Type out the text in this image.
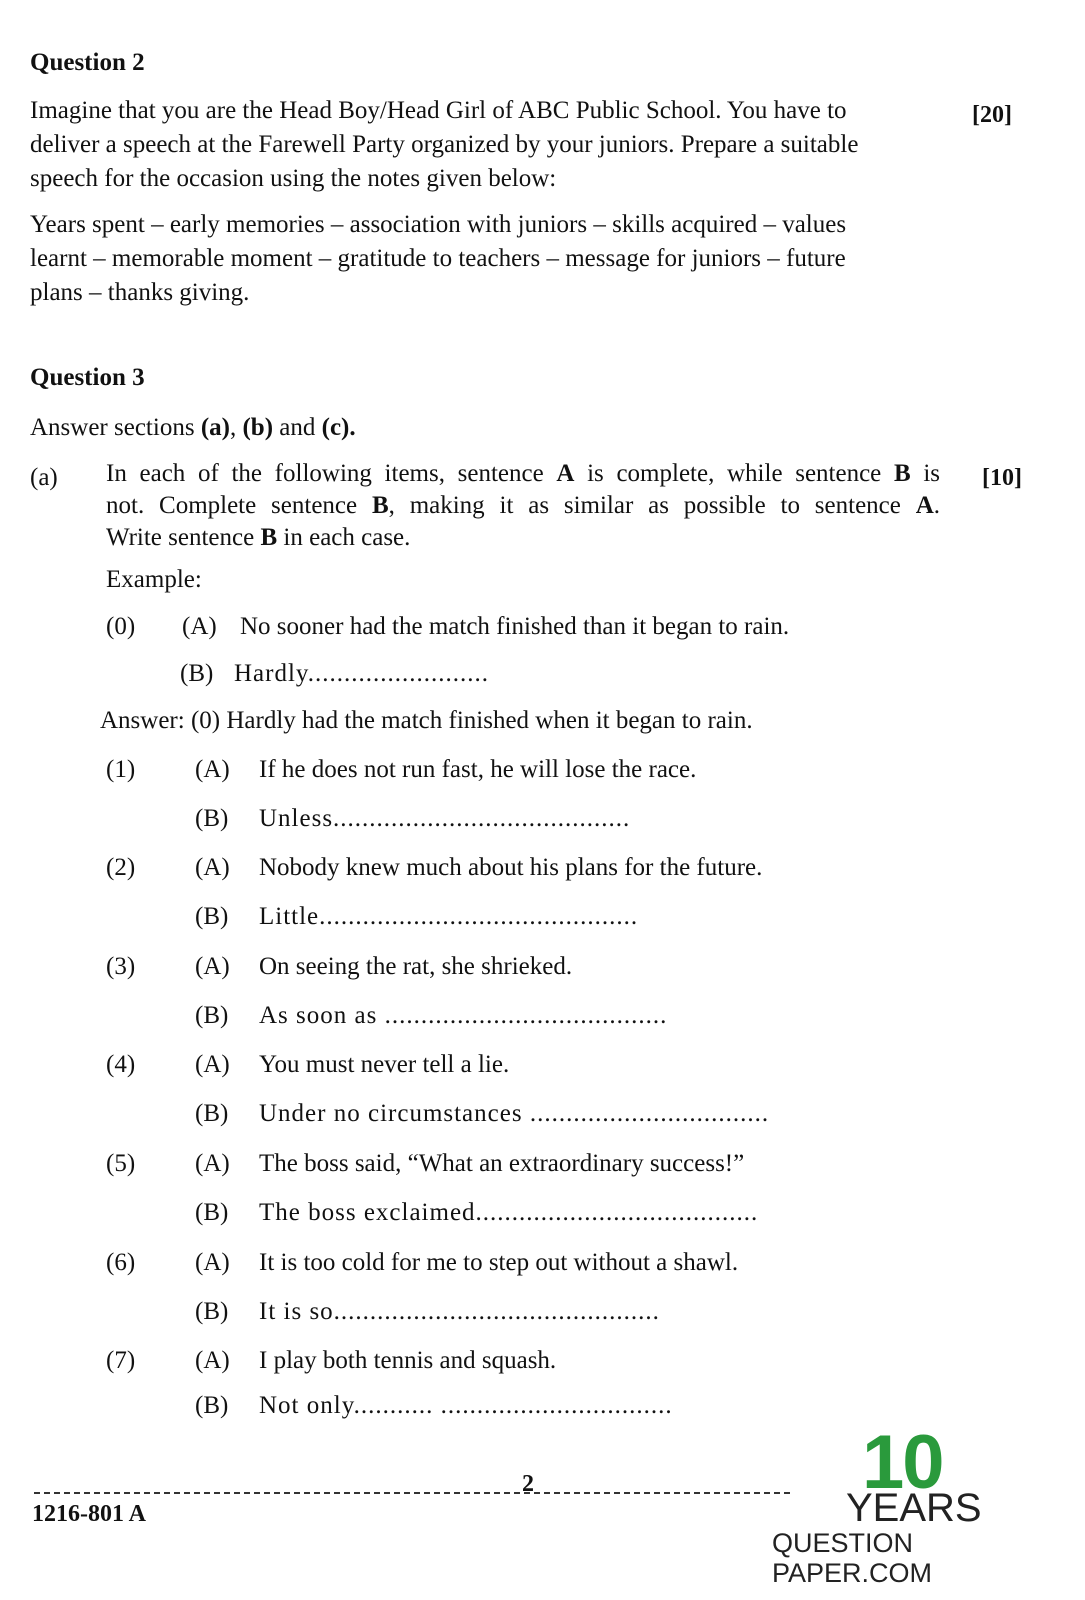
Question 2
[20]
Imagine that you are the Head Boy/Head Girl of ABC Public School. You have to
deliver a speech at the Farewell Party organized by your juniors. Prepare a suitable
speech for the occasion using the notes given below:
Years spent – early memories – association with juniors – skills acquired – values
learnt – memorable moment – gratitude to teachers – message for juniors – future
plans – thanks giving.
Question 3
Answer sections (a), (b) and (c).
(a)	[10]
In each of the following items, sentence A is complete, while sentence B is
not. Complete sentence B, making it as similar as possible to sentence A.
Write sentence B in each case.
Example:
(0) (A) No sooner had the match finished than it began to rain.
(B) Hardly.........................
Answer: (0) Hardly had the match finished when it began to rain.
(1) (A) If he does not run fast, he will lose the race.
(B) Unless.........................................
(2) (A) Nobody knew much about his plans for the future.
(B) Little............................................
(3) (A) On seeing the rat, she shrieked.
(B) As soon as .......................................
(4) (A) You must never tell a lie.
(B) Under no circumstances .................................
(5) (A) The boss said, “What an extraordinary success!”
(B) The boss exclaimed.......................................
(6) (A) It is too cold for me to step out without a shawl.
(B) It is so.............................................
(7) (A) I play both tennis and squash.
(B) Not only........... ................................
2
1216-801 A
10
YEARS
QUESTION PAPER.COM
